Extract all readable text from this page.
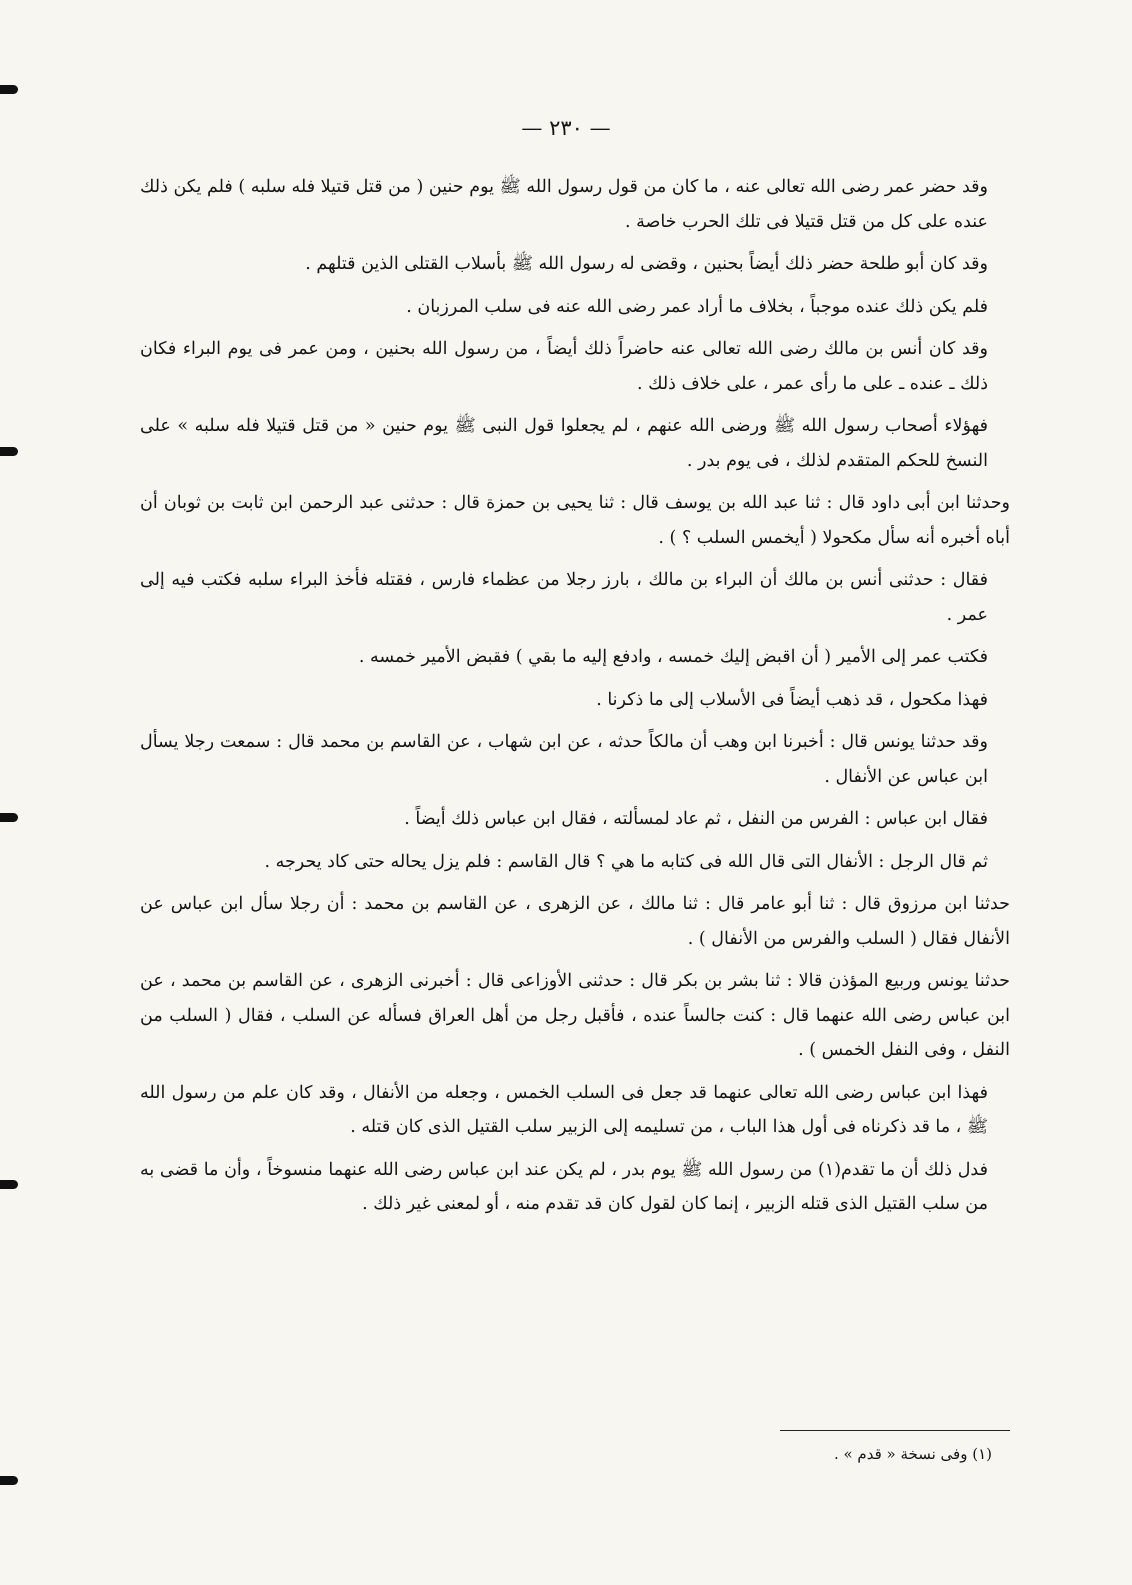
— ٢٣٠ —

وقد حضر عمر رضى الله تعالى عنه ، ما كان من قول رسول الله ﷺ يوم حنين ( من قتل قتيلا فله سلبه ) فلم يكن ذلك عنده على كل من قتل قتيلا فى تلك الحرب خاصة .

وقد كان أبو طلحة حضر ذلك أيضاً بحنين ، وقضى له رسول الله ﷺ بأسلاب القتلى الذين قتلهم .

فلم يكن ذلك عنده موجباً ، بخلاف ما أراد عمر رضى الله عنه فى سلب المرزبان .

وقد كان أنس بن مالك رضى الله تعالى عنه حاضراً ذلك أيضاً ، من رسول الله بحنين ، ومن عمر فى يوم البراء فكان ذلك ـ عنده ـ على ما رأى عمر ، على خلاف ذلك .

فهؤلاء أصحاب رسول الله ﷺ ورضى الله عنهم ، لم يجعلوا قول النبى ﷺ يوم حنين « من قتل قتيلا فله سلبه » على النسخ للحكم المتقدم لذلك ، فى يوم بدر .

وحدثنا ابن أبى داود قال : ثنا عبد الله بن يوسف قال : ثنا يحيى بن حمزة قال : حدثنى عبد الرحمن ابن ثابت بن ثوبان أن أباه أخبره أنه سأل مكحولا ( أيخمس السلب ؟ ) .

فقال : حدثنى أنس بن مالك أن البراء بن مالك ، بارز رجلا من عظماء فارس ، فقتله فأخذ البراء سلبه فكتب فيه إلى عمر .

فكتب عمر إلى الأمير ( أن اقبض إليك خمسه ، وادفع إليه ما بقي ) فقبض الأمير خمسه .

فهذا مكحول ، قد ذهب أيضاً فى الأسلاب إلى ما ذكرنا .

وقد حدثنا يونس قال : أخبرنا ابن وهب أن مالكاً حدثه ، عن ابن شهاب ، عن القاسم بن محمد قال : سمعت رجلا يسأل ابن عباس عن الأنفال .

فقال ابن عباس : الفرس من النفل ، ثم عاد لمسألته ، فقال ابن عباس ذلك أيضاً .

ثم قال الرجل : الأنفال التى قال الله فى كتابه ما هي ؟ قال القاسم : فلم يزل يحاله حتى كاد يحرجه .

حدثنا ابن مرزوق قال : ثنا أبو عامر قال : ثنا مالك ، عن الزهرى ، عن القاسم بن محمد : أن رجلا سأل ابن عباس عن الأنفال فقال ( السلب والفرس من الأنفال ) .

حدثنا يونس وربيع المؤذن قالا : ثنا بشر بن بكر قال : حدثنى الأوزاعى قال : أخبرنى الزهرى ، عن القاسم بن محمد ، عن ابن عباس رضى الله عنهما قال : كنت جالساً عنده ، فأقبل رجل من أهل العراق فسأله عن السلب ، فقال ( السلب من النفل ، وفى النفل الخمس ) .

فهذا ابن عباس رضى الله تعالى عنهما قد جعل فى السلب الخمس ، وجعله من الأنفال ، وقد كان علم من رسول الله ﷺ ، ما قد ذكرناه فى أول هذا الباب ، من تسليمه إلى الزبير سلب القتيل الذى كان قتله .

فدل ذلك أن ما تقدم(١) من رسول الله ﷺ يوم بدر ، لم يكن عند ابن عباس رضى الله عنهما منسوخاً ، وأن ما قضى به من سلب القتيل الذى قتله الزبير ، إنما كان لقول كان قد تقدم منه ، أو لمعنى غير ذلك .

(١) وفى نسخة « قدم » .
